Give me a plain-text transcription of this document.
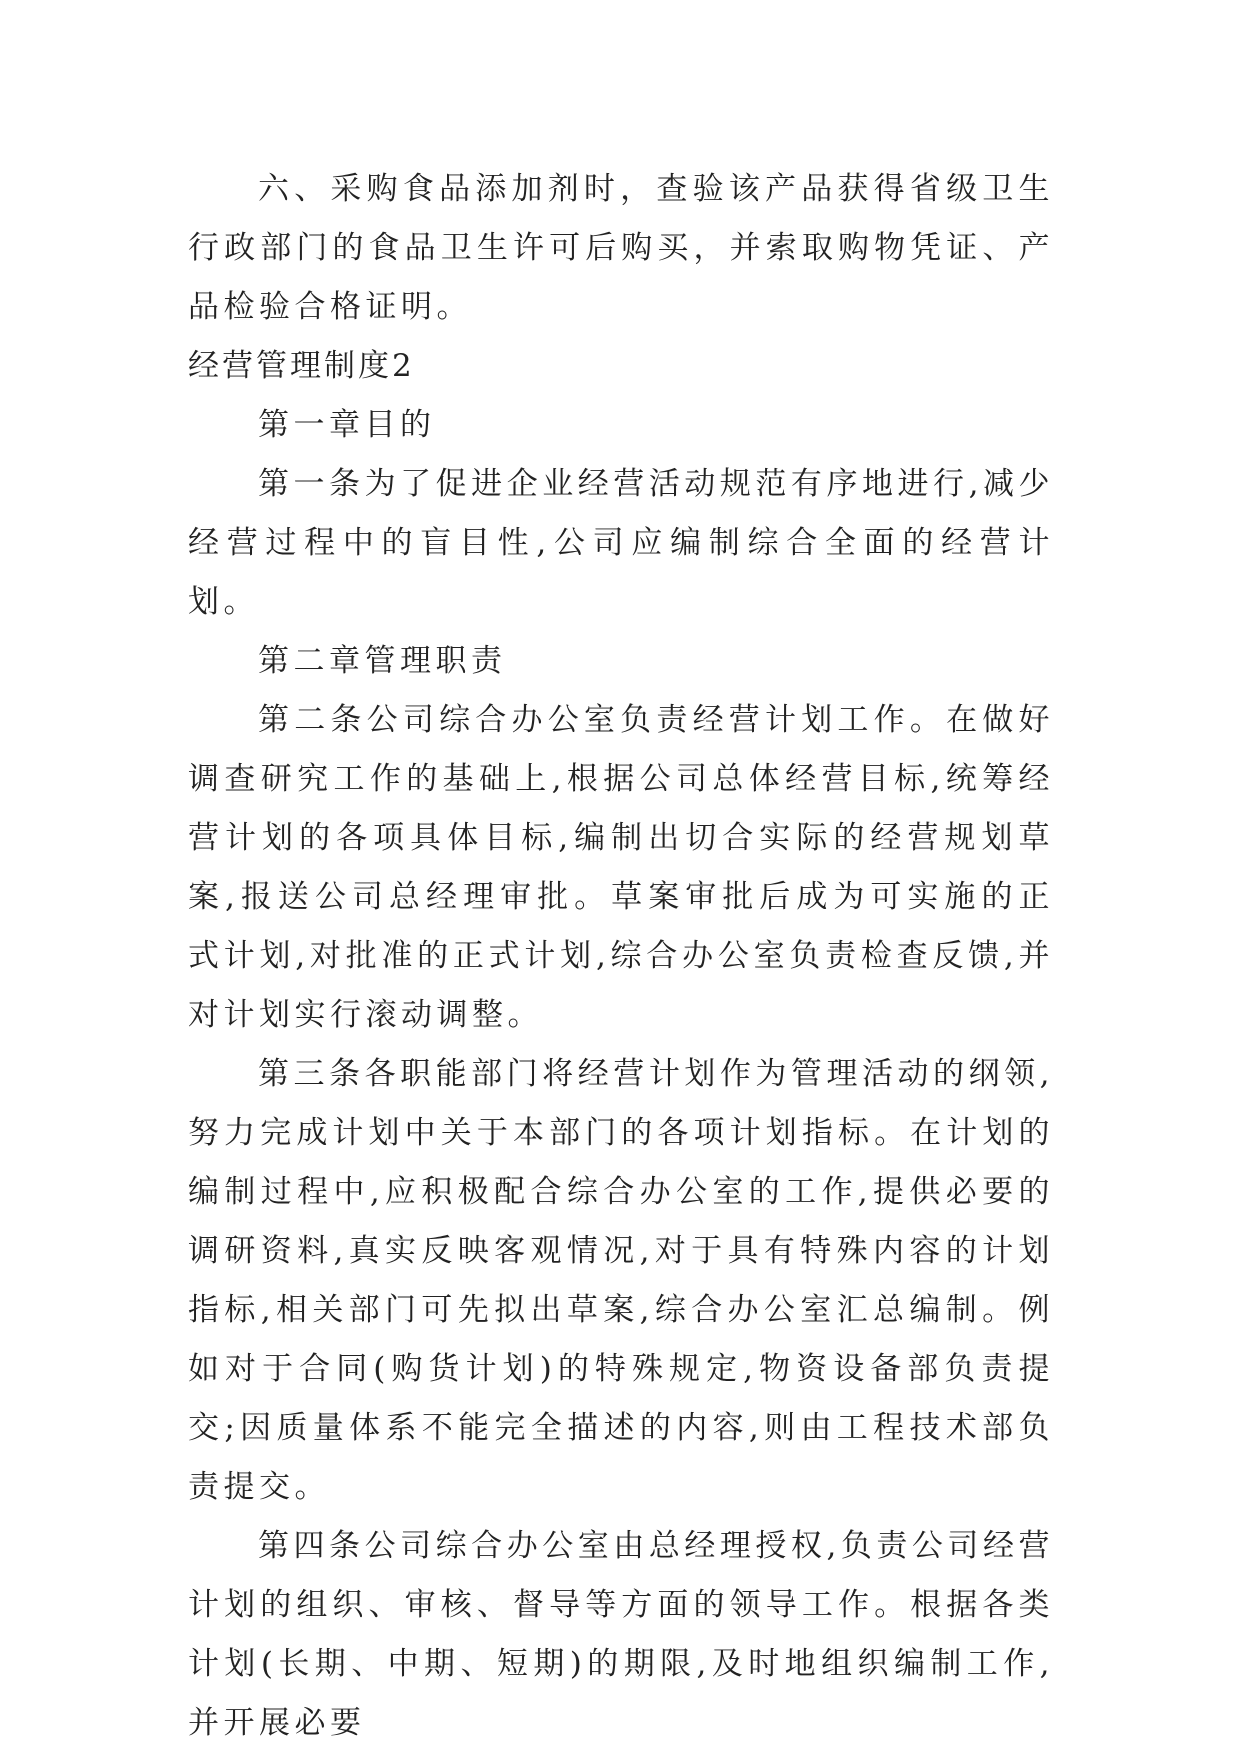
六、采购食品添加剂时，查验该产品获得省级卫生行政部门的食品卫生许可后购买，并索取购物凭证、产品检验合格证明。

经营管理制度2

第一章目的

第一条为了促进企业经营活动规范有序地进行,减少经营过程中的盲目性,公司应编制综合全面的经营计划。

第二章管理职责

第二条公司综合办公室负责经营计划工作。在做好调查研究工作的基础上,根据公司总体经营目标,统筹经营计划的各项具体目标,编制出切合实际的经营规划草案,报送公司总经理审批。草案审批后成为可实施的正式计划,对批准的正式计划,综合办公室负责检查反馈,并对计划实行滚动调整。

第三条各职能部门将经营计划作为管理活动的纲领,努力完成计划中关于本部门的各项计划指标。在计划的编制过程中,应积极配合综合办公室的工作,提供必要的调研资料,真实反映客观情况,对于具有特殊内容的计划指标,相关部门可先拟出草案,综合办公室汇总编制。例如对于合同(购货计划)的特殊规定,物资设备部负责提交;因质量体系不能完全描述的内容,则由工程技术部负责提交。

第四条公司综合办公室由总经理授权,负责公司经营计划的组织、审核、督导等方面的领导工作。根据各类计划(长期、中期、短期)的期限,及时地组织编制工作,并开展必要
